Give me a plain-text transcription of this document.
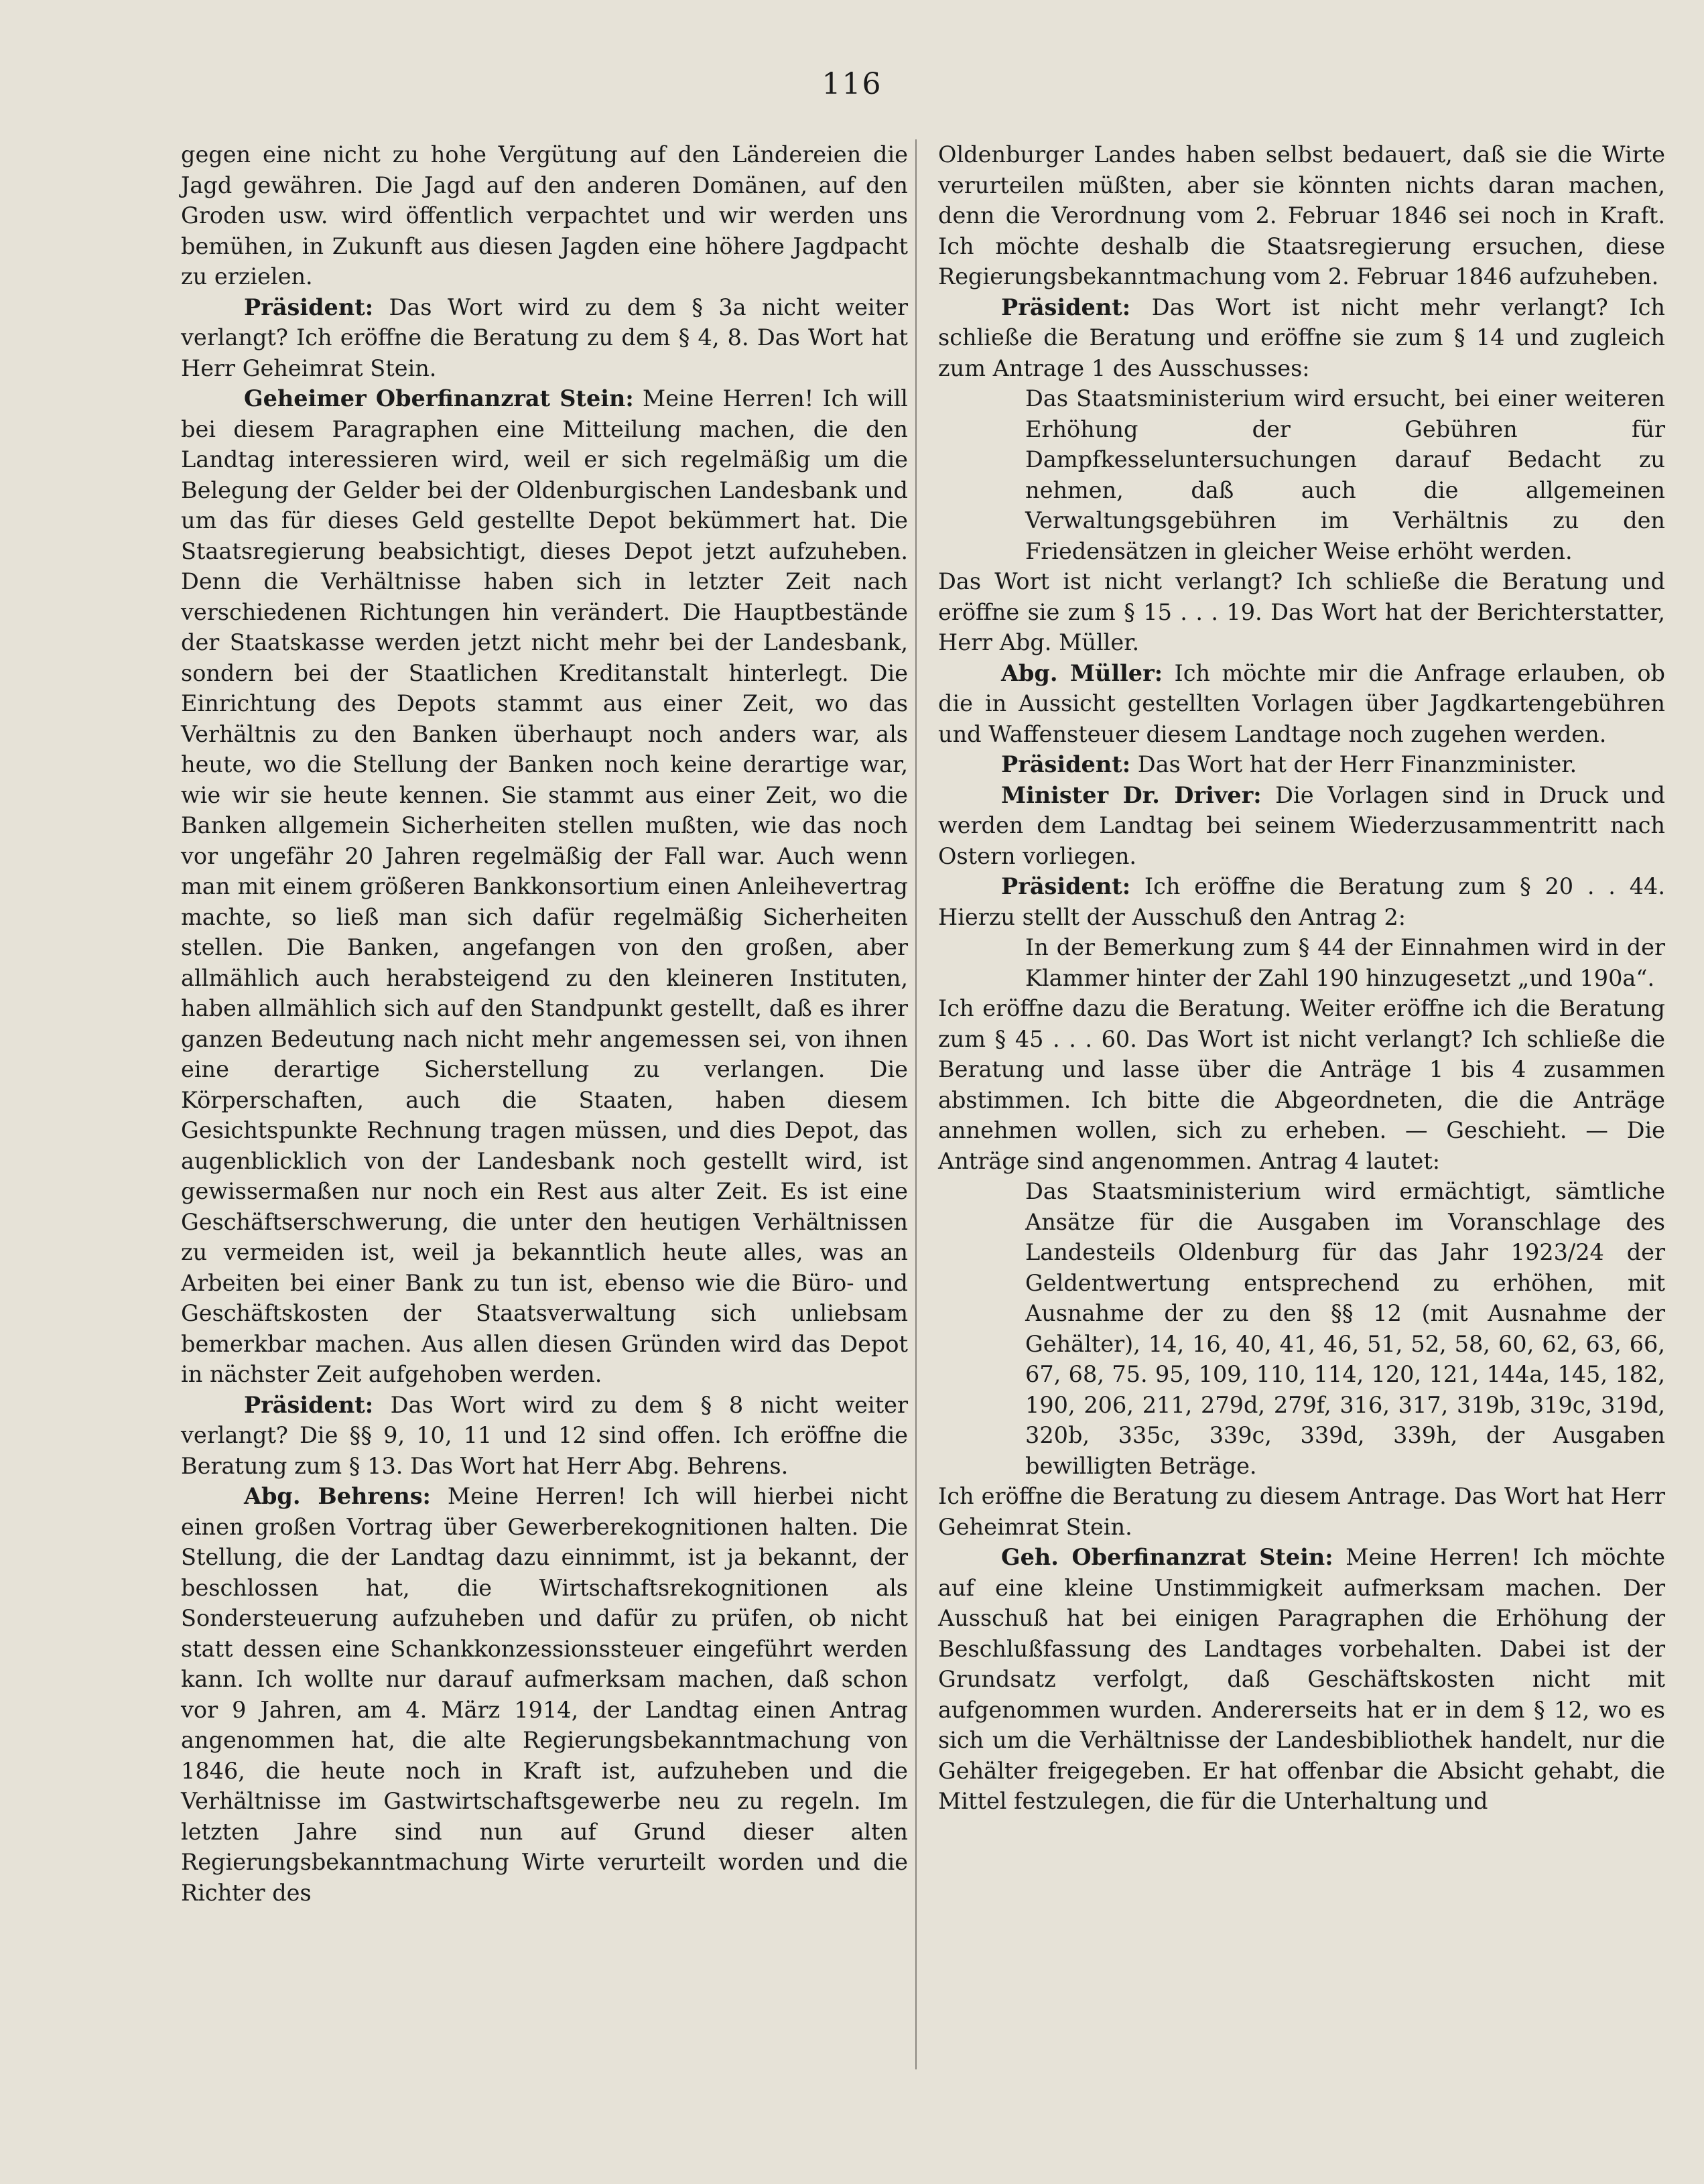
116

gegen eine nicht zu hohe Vergütung auf den Ländereien die Jagd gewähren. Die Jagd auf den anderen Domänen, auf den Groden usw. wird öffentlich verpachtet und wir werden uns bemühen, in Zukunft aus diesen Jagden eine höhere Jagdpacht zu erzielen.

Präsident: Das Wort wird zu dem § 3a nicht weiter verlangt? Ich eröffne die Beratung zu dem § 4, 8. Das Wort hat Herr Geheimrat Stein.

Geheimer Oberfinanzrat Stein: Meine Herren! Ich will bei diesem Paragraphen eine Mitteilung machen, die den Landtag interessieren wird, weil er sich regelmäßig um die Belegung der Gelder bei der Oldenburgischen Landesbank und um das für dieses Geld gestellte Depot bekümmert hat. Die Staatsregierung beabsichtigt, dieses Depot jetzt aufzuheben. Denn die Verhältnisse haben sich in letzter Zeit nach verschiedenen Richtungen hin verändert. Die Hauptbestände der Staatskasse werden jetzt nicht mehr bei der Landesbank, sondern bei der Staatlichen Kreditanstalt hinterlegt. Die Einrichtung des Depots stammt aus einer Zeit, wo das Verhältnis zu den Banken überhaupt noch anders war, als heute, wo die Stellung der Banken noch keine derartige war, wie wir sie heute kennen. Sie stammt aus einer Zeit, wo die Banken allgemein Sicherheiten stellen mußten, wie das noch vor ungefähr 20 Jahren regelmäßig der Fall war. Auch wenn man mit einem größeren Bankkonsortium einen Anleihevertrag machte, so ließ man sich dafür regelmäßig Sicherheiten stellen. Die Banken, angefangen von den großen, aber allmählich auch herabsteigend zu den kleineren Instituten, haben allmählich sich auf den Standpunkt gestellt, daß es ihrer ganzen Bedeutung nach nicht mehr angemessen sei, von ihnen eine derartige Sicherstellung zu verlangen. Die Körperschaften, auch die Staaten, haben diesem Gesichtspunkte Rechnung tragen müssen, und dies Depot, das augenblicklich von der Landesbank noch gestellt wird, ist gewissermaßen nur noch ein Rest aus alter Zeit. Es ist eine Geschäftserschwerung, die unter den heutigen Verhältnissen zu vermeiden ist, weil ja bekanntlich heute alles, was an Arbeiten bei einer Bank zu tun ist, ebenso wie die Büro- und Geschäftskosten der Staatsverwaltung sich unliebsam bemerkbar machen. Aus allen diesen Gründen wird das Depot in nächster Zeit aufgehoben werden.

Präsident: Das Wort wird zu dem § 8 nicht weiter verlangt? Die §§ 9, 10, 11 und 12 sind offen. Ich eröffne die Beratung zum § 13. Das Wort hat Herr Abg. Behrens.

Abg. Behrens: Meine Herren! Ich will hierbei nicht einen großen Vortrag über Gewerberekognitionen halten. Die Stellung, die der Landtag dazu einnimmt, ist ja bekannt, der beschlossen hat, die Wirtschaftsrekognitionen als Sondersteuerung aufzuheben und dafür zu prüfen, ob nicht statt dessen eine Schankkonzessionssteuer eingeführt werden kann. Ich wollte nur darauf aufmerksam machen, daß schon vor 9 Jahren, am 4. März 1914, der Landtag einen Antrag angenommen hat, die alte Regierungsbekanntmachung von 1846, die heute noch in Kraft ist, aufzuheben und die Verhältnisse im Gastwirtschaftsgewerbe neu zu regeln. Im letzten Jahre sind nun auf Grund dieser alten Regierungsbekanntmachung Wirte verurteilt worden und die Richter des

Oldenburger Landes haben selbst bedauert, daß sie die Wirte verurteilen müßten, aber sie könnten nichts daran machen, denn die Verordnung vom 2. Februar 1846 sei noch in Kraft. Ich möchte deshalb die Staatsregierung ersuchen, diese Regierungsbekanntmachung vom 2. Februar 1846 aufzuheben.

Präsident: Das Wort ist nicht mehr verlangt? Ich schließe die Beratung und eröffne sie zum § 14 und zugleich zum Antrage 1 des Ausschusses:

Das Staatsministerium wird ersucht, bei einer weiteren Erhöhung der Gebühren für Dampfkesseluntersuchungen darauf Bedacht zu nehmen, daß auch die allgemeinen Verwaltungsgebühren im Verhältnis zu den Friedensätzen in gleicher Weise erhöht werden.

Das Wort ist nicht verlangt? Ich schließe die Beratung und eröffne sie zum § 15 . . . 19. Das Wort hat der Berichterstatter, Herr Abg. Müller.

Abg. Müller: Ich möchte mir die Anfrage erlauben, ob die in Aussicht gestellten Vorlagen über Jagdkartengebühren und Waffensteuer diesem Landtage noch zugehen werden.

Präsident: Das Wort hat der Herr Finanzminister.

Minister Dr. Driver: Die Vorlagen sind in Druck und werden dem Landtag bei seinem Wiederzusammentritt nach Ostern vorliegen.

Präsident: Ich eröffne die Beratung zum § 20 . . 44. Hierzu stellt der Ausschuß den Antrag 2:

In der Bemerkung zum § 44 der Einnahmen wird in der Klammer hinter der Zahl 190 hinzugesetzt „und 190a“.

Ich eröffne dazu die Beratung. Weiter eröffne ich die Beratung zum § 45 . . . 60. Das Wort ist nicht verlangt? Ich schließe die Beratung und lasse über die Anträge 1 bis 4 zusammen abstimmen. Ich bitte die Abgeordneten, die die Anträge annehmen wollen, sich zu erheben. — Geschieht. — Die Anträge sind angenommen. Antrag 4 lautet:

Das Staatsministerium wird ermächtigt, sämtliche Ansätze für die Ausgaben im Voranschlage des Landesteils Oldenburg für das Jahr 1923/24 der Geldentwertung entsprechend zu erhöhen, mit Ausnahme der zu den §§ 12 (mit Ausnahme der Gehälter), 14, 16, 40, 41, 46, 51, 52, 58, 60, 62, 63, 66, 67, 68, 75. 95, 109, 110, 114, 120, 121, 144a, 145, 182, 190, 206, 211, 279d, 279f, 316, 317, 319b, 319c, 319d, 320b, 335c, 339c, 339d, 339h, der Ausgaben bewilligten Beträge.

Ich eröffne die Beratung zu diesem Antrage. Das Wort hat Herr Geheimrat Stein.

Geh. Oberfinanzrat Stein: Meine Herren! Ich möchte auf eine kleine Unstimmigkeit aufmerksam machen. Der Ausschuß hat bei einigen Paragraphen die Erhöhung der Beschlußfassung des Landtages vorbehalten. Dabei ist der Grundsatz verfolgt, daß Geschäftskosten nicht mit aufgenommen wurden. Andererseits hat er in dem § 12, wo es sich um die Verhältnisse der Landesbibliothek handelt, nur die Gehälter freigegeben. Er hat offenbar die Absicht gehabt, die Mittel festzulegen, die für die Unterhaltung und
